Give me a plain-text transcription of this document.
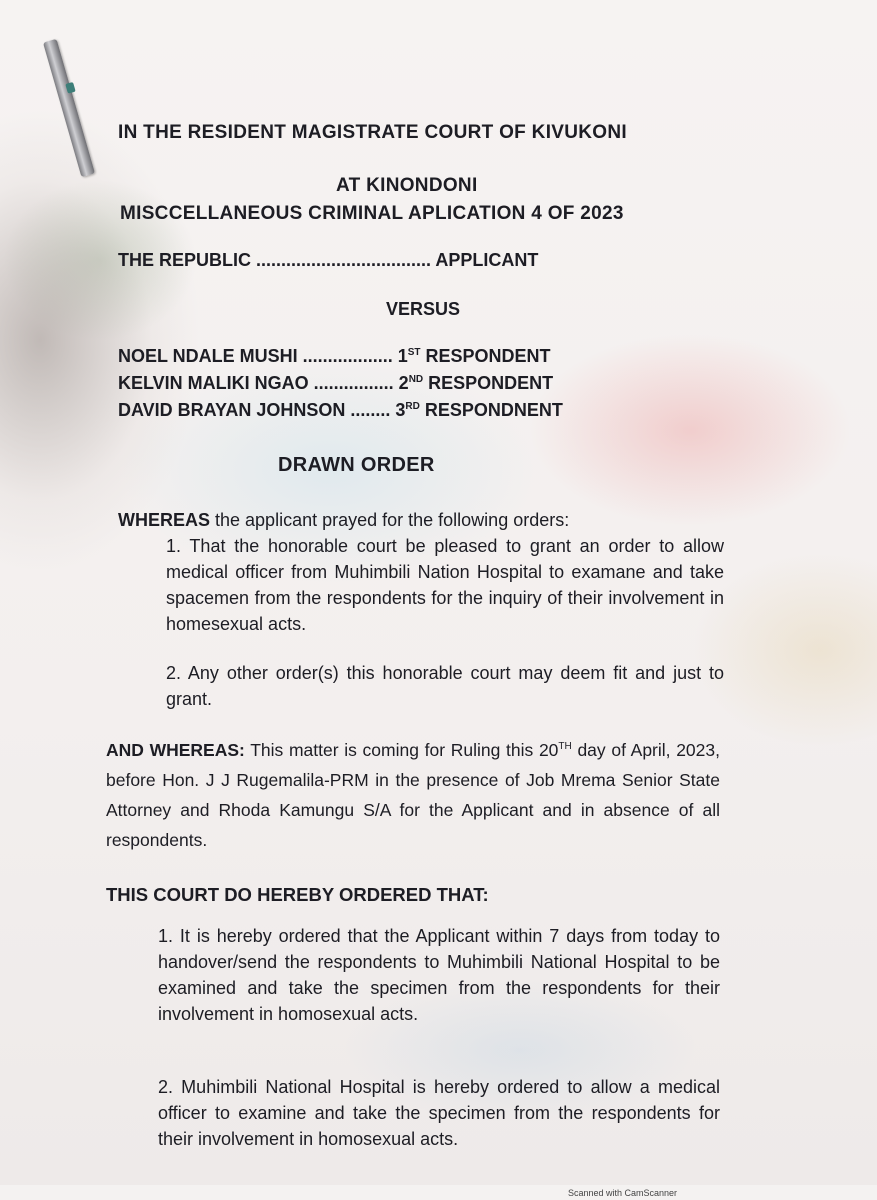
IN THE RESIDENT MAGISTRATE COURT OF KIVUKONI
AT KINONDONI
MISCCELLANEOUS CRIMINAL APLICATION 4 OF 2023
THE REPUBLIC ................................... APPLICANT
VERSUS
NOEL NDALE MUSHI .................. 1ST RESPONDENT
KELVIN MALIKI NGAO ................ 2ND RESPONDENT
DAVID BRAYAN JOHNSON ........ 3RD RESPONDNENT
DRAWN ORDER
WHEREAS the applicant prayed for the following orders:
1. That the honorable court be pleased to grant an order to allow medical officer from Muhimbili Nation Hospital to examane and take spacemen from the respondents for the inquiry of their involvement in homesexual acts.
2. Any other order(s) this honorable court may deem fit and just to grant.
AND WHEREAS: This matter is coming for Ruling this 20TH day of April, 2023, before Hon. J J Rugemalila-PRM in the presence of Job Mrema Senior State Attorney and Rhoda Kamungu S/A for the Applicant and in absence of all respondents.
THIS COURT DO HEREBY ORDERED THAT:
1. It is hereby ordered that the Applicant within 7 days from today to handover/send the respondents to Muhimbili National Hospital to be examined and take the specimen from the respondents for their involvement in homosexual acts.
2. Muhimbili National Hospital is hereby ordered to allow a medical officer to examine and take the specimen from the respondents for their involvement in homosexual acts.
Scanned with CamScanner
